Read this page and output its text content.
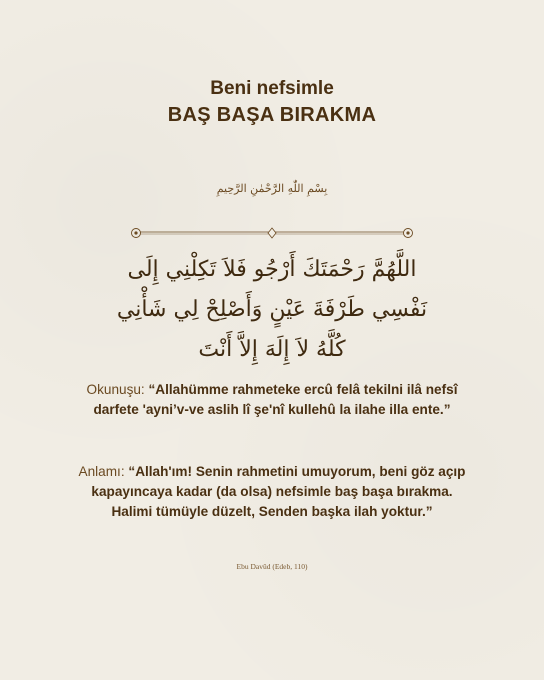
Beni nefsimle
BAŞ BAŞA BIRAKMA
بِسْمِ اللّٰهِ الرَّحْمٰنِ الرَّحِيمِ
اللَّهُمَّ رَحْمَتَكَ أَرْجُو فَلاَ تَكِلْنِي إِلَى نَفْسِي طَرْفَةَ عَيْنٍ وَأَصْلِحْ لِي شَأْنِي كُلَّهُ لاَ إِلَهَ إِلاَّ أَنْتَ
Okunuşu: “Allahümme rahmeteke ercû felâ tekilni ilâ nefsî darfete 'ayni’v-ve aslih lî şe'nî kullehû la ilahe illa ente.”
Anlamı: “Allah'ım! Senin rahmetini umuyorum, beni göz açıp kapayıncaya kadar (da olsa) nefsimle baş başa bırakma. Halimi tümüyle düzelt, Senden başka ilah yoktur.”
Ebu Davûd (Edeb, 110)
